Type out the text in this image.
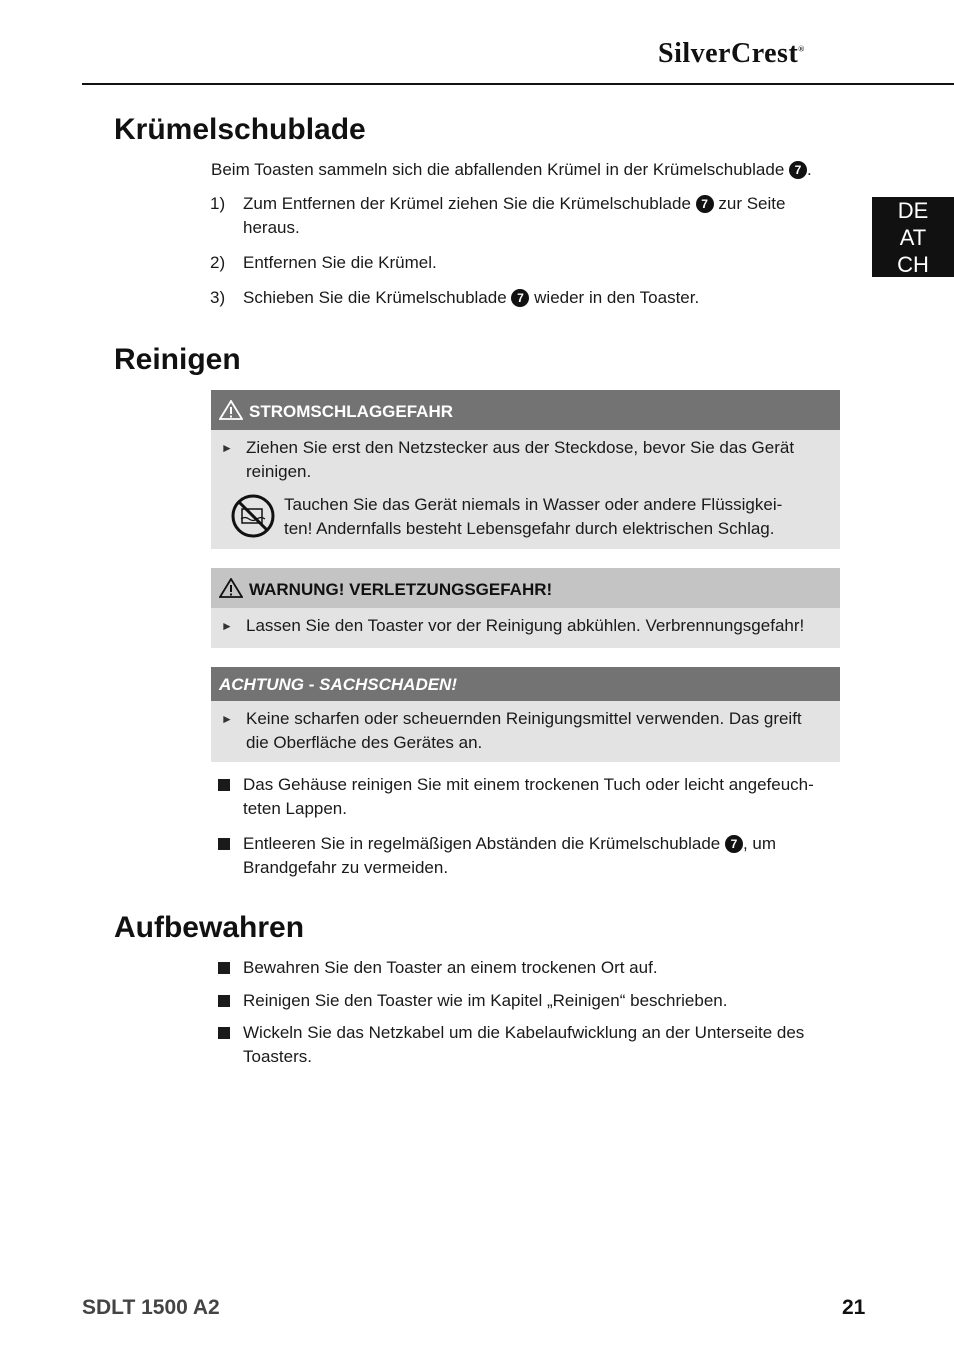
SilverCrest®
DE
AT
CH
Krümelschublade
Beim Toasten sammeln sich die abfallenden Krümel in der Krümelschublade 7 .
1) Zum Entfernen der Krümel ziehen Sie die Krümelschublade 7 zur Seite
heraus.
2) Entfernen Sie die Krümel.
3) Schieben Sie die Krümelschublade 7 wieder in den Toaster.
Reinigen
STROMSCHLAGGEFAHR
► Ziehen Sie erst den Netzstecker aus der Steckdose, bevor Sie das Gerät
reinigen.
Tauchen Sie das Gerät niemals in Wasser oder andere Flüssigkei-
ten! Andernfalls besteht Lebensgefahr durch elektrischen Schlag.
WARNUNG! VERLETZUNGSGEFAHR!
► Lassen Sie den Toaster vor der Reinigung abkühlen. Verbrennungsgefahr!
ACHTUNG - SACHSCHADEN!
► Keine scharfen oder scheuernden Reinigungsmittel verwenden. Das greift
die Oberfläche des Gerätes an.
Das Gehäuse reinigen Sie mit einem trockenen Tuch oder leicht angefeuch-
teten Lappen.
Entleeren Sie in regelmäßigen Abständen die Krümelschublade 7 , um
Brandgefahr zu vermeiden.
Aufbewahren
Bewahren Sie den Toaster an einem trockenen Ort auf.
Reinigen Sie den Toaster wie im Kapitel „Reinigen“ beschrieben.
Wickeln Sie das Netzkabel um die Kabelaufwicklung an der Unterseite des
Toasters.
SDLT 1500 A2	21
